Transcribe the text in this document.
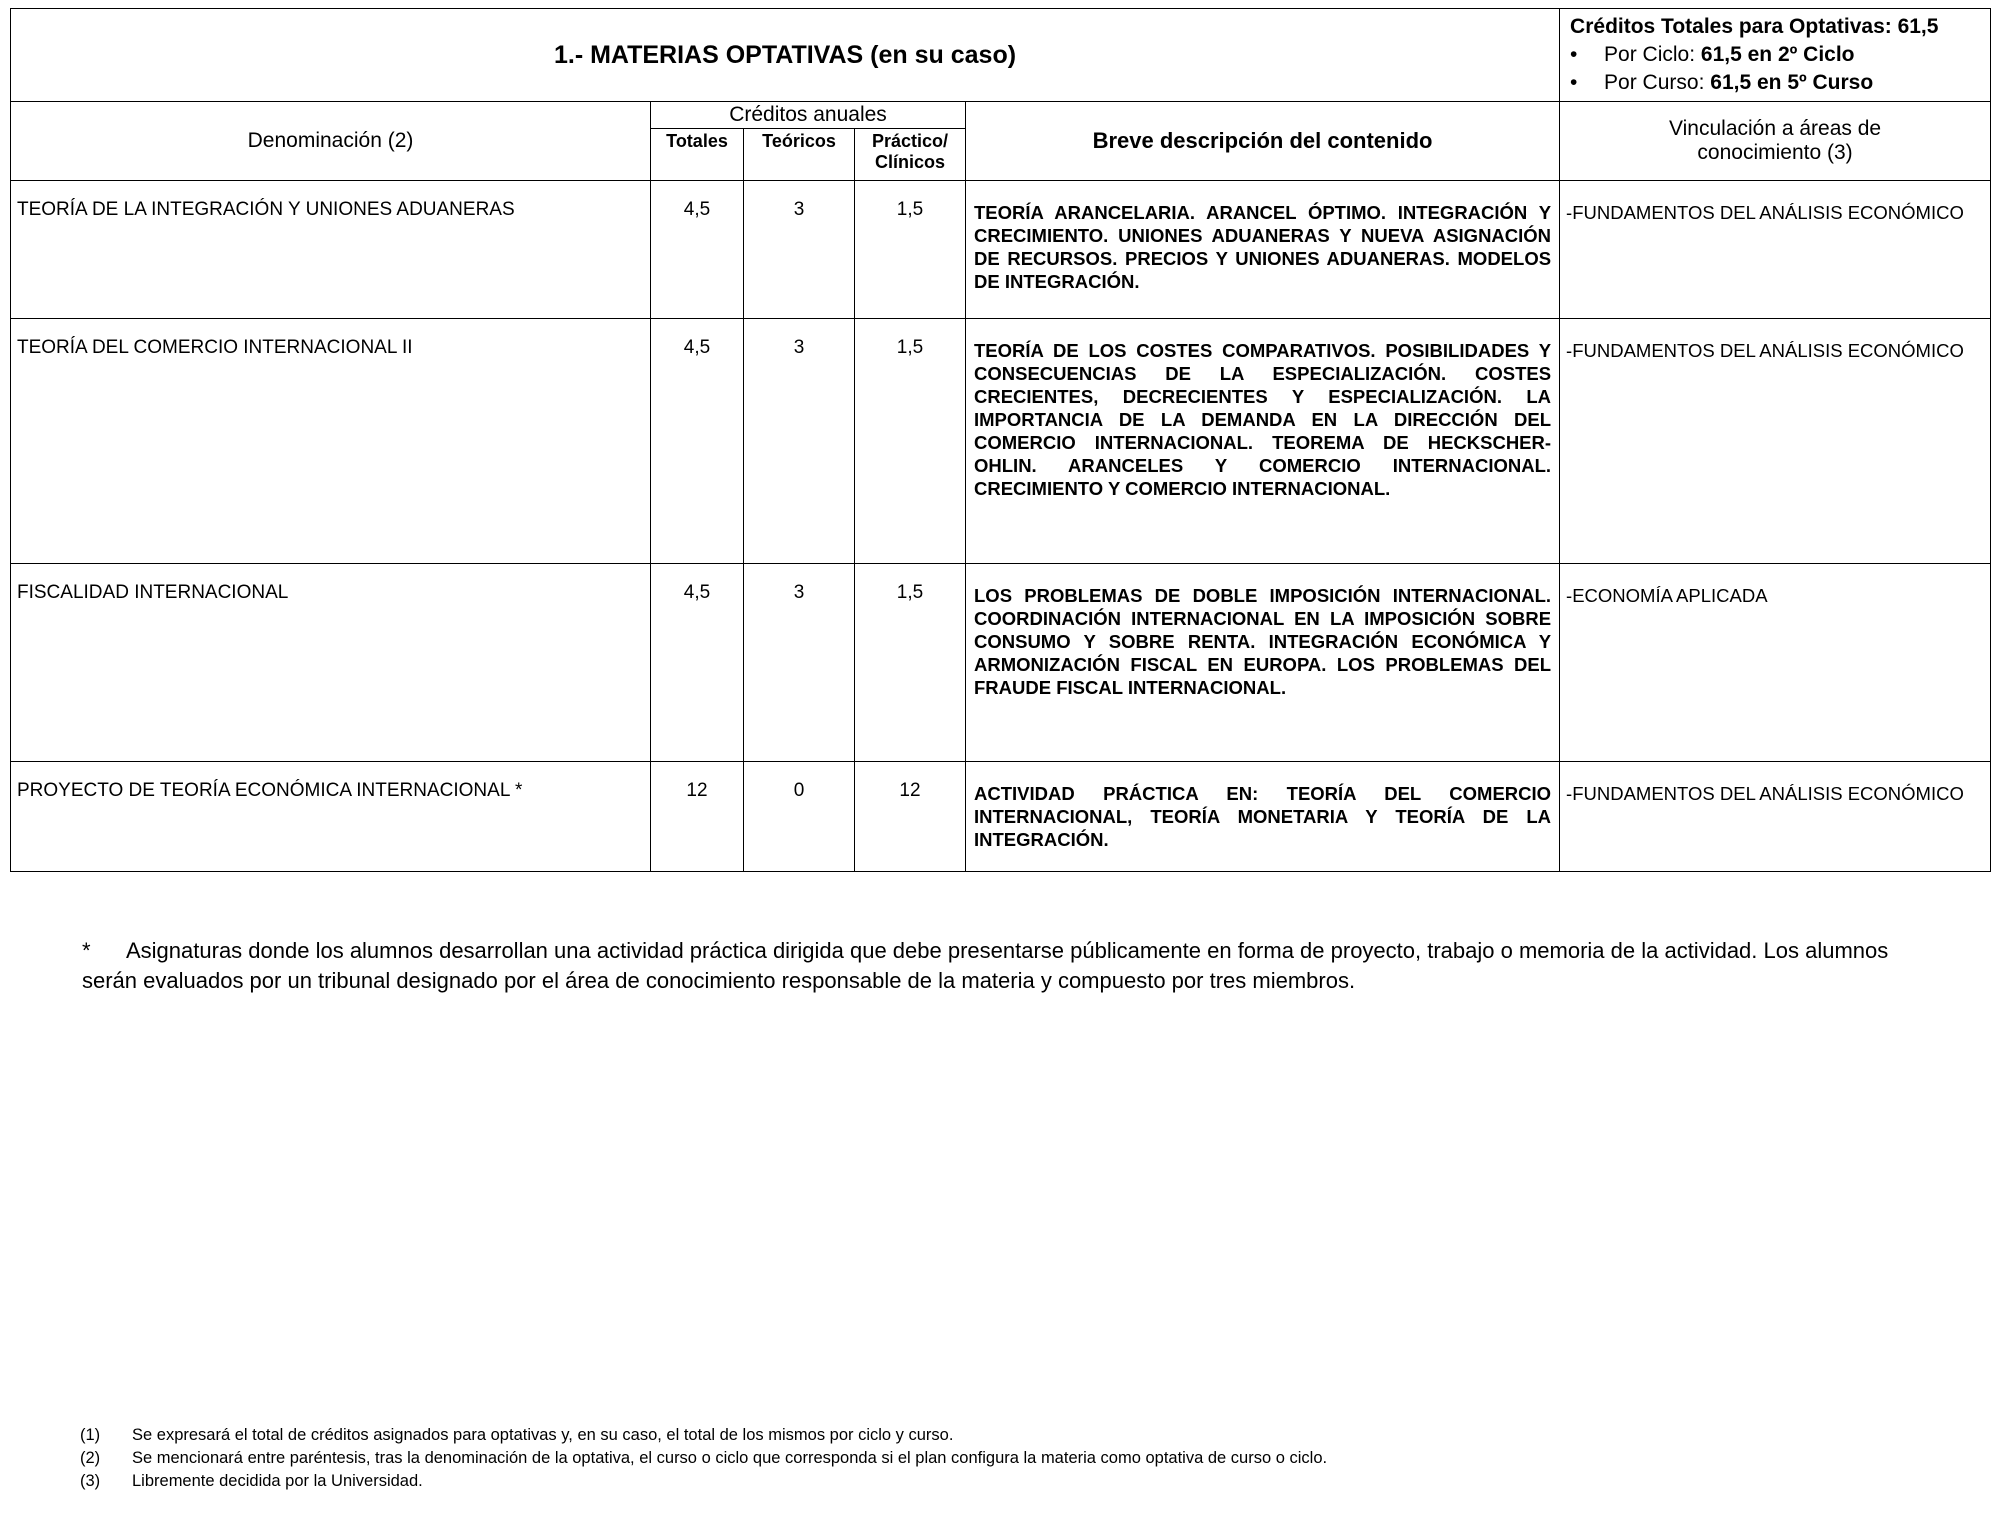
1.- MATERIAS OPTATIVAS (en su caso)					Créditos Totales para Optativas: 61,5
• Por Ciclo: 61,5 en 2º Ciclo
• Por Curso: 61,5 en 5º Curso

Denominación (2)	Créditos anuales			Breve descripción del contenido	Vinculación a áreas de conocimiento (3)
	Totales	Teóricos	Práctico/ Clínicos		
TEORÍA DE LA INTEGRACIÓN Y UNIONES ADUANERAS	4,5	3	1,5	TEORÍA ARANCELARIA. ARANCEL ÓPTIMO. INTEGRACIÓN Y CRECIMIENTO. UNIONES ADUANERAS Y NUEVA ASIGNACIÓN DE RECURSOS. PRECIOS Y UNIONES ADUANERAS. MODELOS DE INTEGRACIÓN.	-FUNDAMENTOS DEL ANÁLISIS ECONÓMICO
TEORÍA DEL COMERCIO INTERNACIONAL II	4,5	3	1,5	TEORÍA DE LOS COSTES COMPARATIVOS. POSIBILIDADES Y CONSECUENCIAS DE LA ESPECIALIZACIÓN. COSTES CRECIENTES, DECRECIENTES Y ESPECIALIZACIÓN. LA IMPORTANCIA DE LA DEMANDA EN LA DIRECCIÓN DEL COMERCIO INTERNACIONAL. TEOREMA DE HECKSCHER-OHLIN. ARANCELES Y COMERCIO INTERNACIONAL. CRECIMIENTO Y COMERCIO INTERNACIONAL.	-FUNDAMENTOS DEL ANÁLISIS ECONÓMICO
FISCALIDAD INTERNACIONAL	4,5	3	1,5	LOS PROBLEMAS DE DOBLE IMPOSICIÓN INTERNACIONAL. COORDINACIÓN INTERNACIONAL EN LA IMPOSICIÓN SOBRE CONSUMO Y SOBRE RENTA. INTEGRACIÓN ECONÓMICA Y ARMONIZACIÓN FISCAL EN EUROPA. LOS PROBLEMAS DEL FRAUDE FISCAL INTERNACIONAL.	-ECONOMÍA APLICADA
PROYECTO DE TEORÍA ECONÓMICA INTERNACIONAL *	12	0	12	ACTIVIDAD PRÁCTICA EN: TEORÍA DEL COMERCIO INTERNACIONAL, TEORÍA MONETARIA Y TEORÍA DE LA INTEGRACIÓN.	-FUNDAMENTOS DEL ANÁLISIS ECONÓMICO
* Asignaturas donde los alumnos desarrollan una actividad práctica dirigida que debe presentarse públicamente en forma de proyecto, trabajo o memoria de la actividad. Los alumnos serán evaluados por un tribunal designado por el área de conocimiento responsable de la materia y compuesto por tres miembros.
(1)	Se expresará el total de créditos asignados para optativas y, en su caso, el total de los mismos por ciclo y curso.
(2)	Se mencionará entre paréntesis, tras la denominación de la optativa, el curso o ciclo que corresponda si el plan configura la materia como optativa de curso o ciclo.
(3)	Libremente decidida por la Universidad.
